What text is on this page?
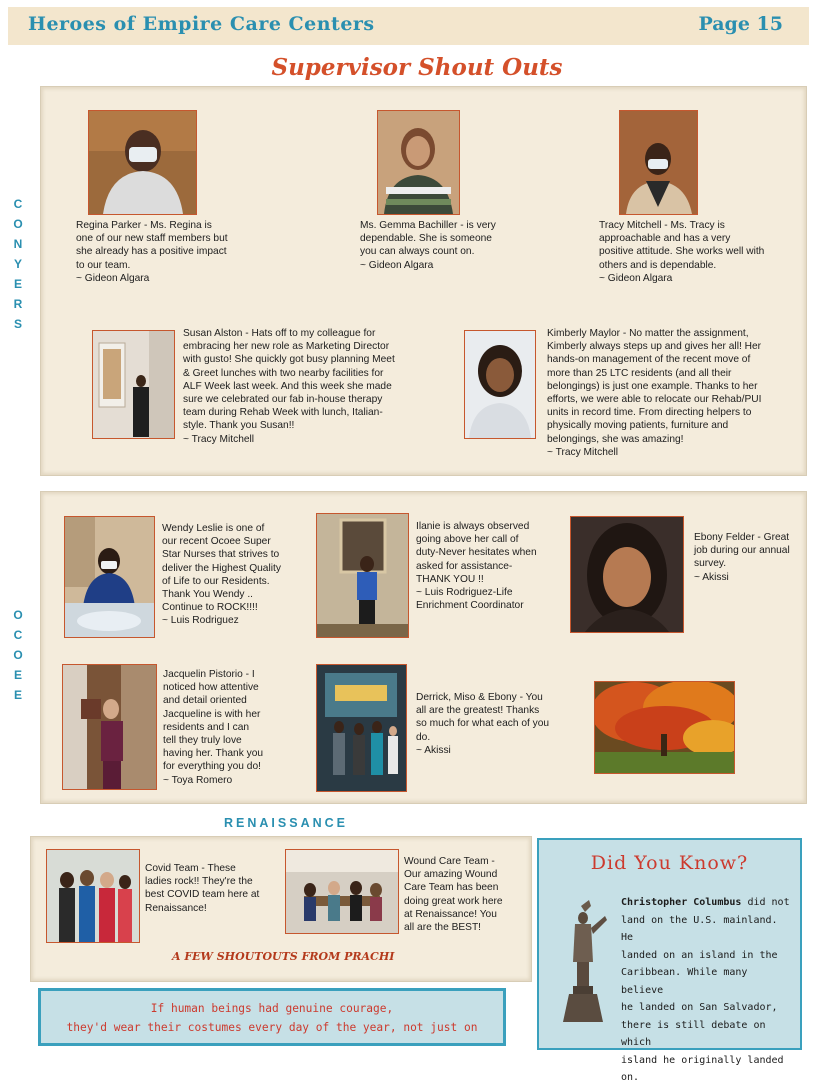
Heroes of Empire Care Centers	Page 15
Supervisor Shout Outs
C
O
N
Y
E
R
S
Regina Parker - Ms. Regina is
one of our new staff members but
she already has a positive impact
to our team.
~ Gideon Algara
Ms. Gemma Bachiller - is very
dependable. She is someone
you can always count on.
~ Gideon Algara
Tracy Mitchell - Ms. Tracy is
approachable and has a very
positive attitude. She works well with
others and is dependable.
~ Gideon Algara
Susan Alston - Hats off to my colleague for
embracing her new role as Marketing Director
with gusto! She quickly got busy planning Meet
& Greet lunches with two nearby facilities for
ALF Week last week. And this week she made
sure we celebrated our fab in-house therapy
team during Rehab Week with lunch, Italian-
style. Thank you Susan!!
~ Tracy Mitchell
Kimberly Maylor - No matter the assignment,
Kimberly always steps up and gives her all! Her
hands-on management of the recent move of
more than 25 LTC residents (and all their
belongings) is just one example. Thanks to her
efforts, we were able to relocate our Rehab/PUI
units in record time. From directing helpers to
physically moving patients, furniture and
belongings, she was amazing!
~ Tracy Mitchell
O
C
O
E
E
Wendy Leslie is one of
our recent Ocoee Super
Star Nurses that strives to
deliver the Highest Quality
of Life to our Residents.
Thank You Wendy ..
Continue to ROCK!!!!
~ Luis Rodriguez
Ilanie is always observed
going above her call of
duty-Never hesitates when
asked for assistance-
THANK YOU !!
~ Luis Rodriguez-Life
Enrichment Coordinator
Ebony Felder - Great
job during our annual
survey.
~ Akissi
Jacquelin Pistorio - I
noticed how attentive
and detail oriented
Jacqueline is with her
residents and I can
tell they truly love
having her. Thank you
for everything you do!
~ Toya Romero
Derrick, Miso & Ebony - You
all are the greatest! Thanks
so much for what each of you
do.
~ Akissi
RENAISSANCE
Covid Team - These
ladies rock!! They're the
best COVID team here at
Renaissance!
Wound Care Team -
Our amazing Wound
Care Team has been
doing great work here
at Renaissance! You
all are the BEST!
A FEW SHOUTOUTS FROM PRACHI
Did You Know?
Christopher Columbus did not
land on the U.S. mainland. He
landed on an island in the
Caribbean. While many believe
he landed on San Salvador,
there is still debate on which
island he originally landed on.
If human beings had genuine courage,
they'd wear their costumes every day of the year, not just on
